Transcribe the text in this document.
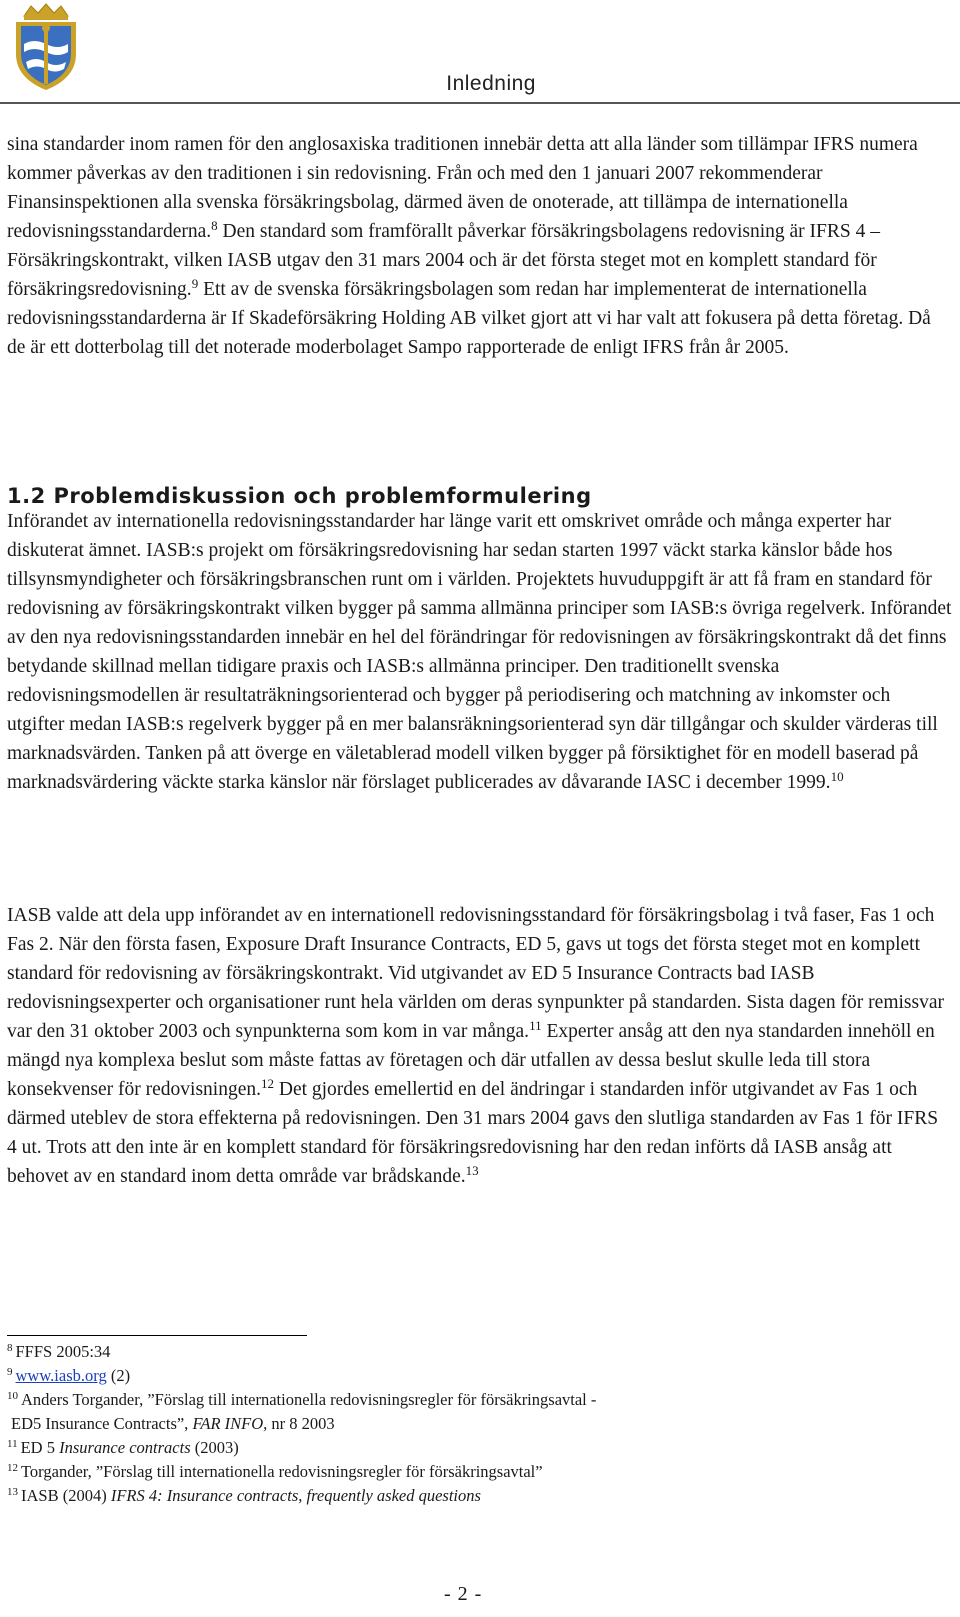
Inledning

sina standarder inom ramen för den anglosaxiska traditionen innebär detta att alla länder som tillämpar IFRS numera kommer påverkas av den traditionen i sin redovisning. Från och med den 1 januari 2007 rekommenderar Finansinspektionen alla svenska försäkringsbolag, därmed även de onoterade, att tillämpa de internationella redovisningsstandarderna.$^8$ Den standard som framförallt påverkar försäkringsbolagens redovisning är IFRS 4 – Försäkringskontrakt, vilken IASB utgav den 31 mars 2004 och är det första steget mot en komplett standard för försäkringsredovisning.$^9$ Ett av de svenska försäkringsbolagen som redan har implementerat de internationella redovisningsstandarderna är If Skadeförsäkring Holding AB vilket gjort att vi har valt att fokusera på detta företag. Då de är ett dotterbolag till det noterade moderbolaget Sampo rapporterade de enligt IFRS från år 2005.

1.2 Problemdiskussion och problemformulering

Införandet av internationella redovisningsstandarder har länge varit ett omskrivet område och många experter har diskuterat ämnet. IASB:s projekt om försäkringsredovisning har sedan starten 1997 väckt starka känslor både hos tillsynsmyndigheter och försäkringsbranschen runt om i världen. Projektets huvuduppgift är att få fram en standard för redovisning av försäkringskontrakt vilken bygger på samma allmänna principer som IASB:s övriga regelverk. Införandet av den nya redovisningsstandarden innebär en hel del förändringar för redovisningen av försäkringskontrakt då det finns betydande skillnad mellan tidigare praxis och IASB:s allmänna principer. Den traditionellt svenska redovisningsmodellen är resultaträkningsorienterad och bygger på periodisering och matchning av inkomster och utgifter medan IASB:s regelverk bygger på en mer balansräkningsorienterad syn där tillgångar och skulder värderas till marknadsvärden. Tanken på att överge en väletablerad modell vilken bygger på försiktighet för en modell baserad på marknadsvärdering väckte starka känslor när förslaget publicerades av dåvarande IASC i december 1999.10

IASB valde att dela upp införandet av en internationell redovisningsstandard för försäkringsbolag i två faser, Fas 1 och Fas 2. När den första fasen, Exposure Draft Insurance Contracts, ED 5, gavs ut togs det första steget mot en komplett standard för redovisning av försäkringskontrakt. Vid utgivandet av ED 5 Insurance Contracts bad IASB redovisningsexperter och organisationer runt hela världen om deras synpunkter på standarden. Sista dagen för remissvar var den 31 oktober 2003 och synpunkterna som kom in var många.$^{11}$ Experter ansåg att den nya standarden innehöll en mängd nya komplexa beslut som måste fattas av företagen och där utfallen av dessa beslut skulle leda till stora konsekvenser för redovisningen.$^{12}$ Det gjordes emellertid en del ändringar i standarden inför utgivandet av Fas 1 och därmed uteblev de stora effekterna på redovisningen. Den 31 mars 2004 gavs den slutliga standarden av Fas 1 för IFRS 4 ut. Trots att den inte är en komplett standard för försäkringsredovisning har den redan införts då IASB ansåg att behovet av en standard inom detta område var brådskande.$^{13}$

$^8$ FFFS 2005:34

$^9$ www.iasb.org (2)

$^{10}$ Anders Torgander, ”Förslag till internationella redovisningsregler för försäkringsavtal -

ED5 Insurance Contracts”, FAR INFO, nr 8 2003

$^{11}$ ED 5 Insurance contracts (2003)

$^{12}$ Torgander, ”Förslag till internationella redovisningsregler för försäkringsavtal”

$^{13}$ IASB (2004) IFRS 4: Insurance contracts, frequently asked questions

- 2 -
